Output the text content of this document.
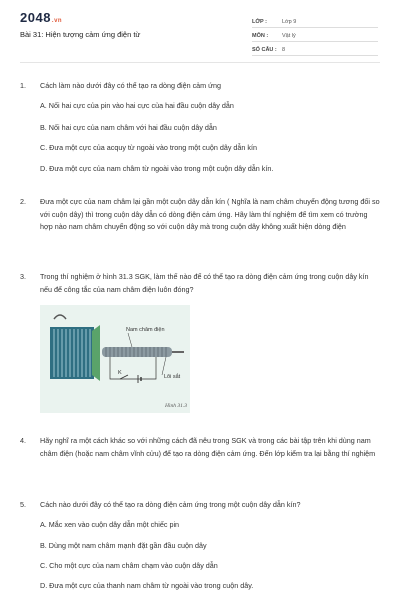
2048.vn
Bài 31: Hiện tượng cảm ứng điện từ
LỚP :	Lớp 9
MÔN :	Vật lý
SỐ CÂU : 8
1.	Cách làm nào dưới đây có thể tạo ra dòng điện cảm ứng
A. Nối hai cực của pin vào hai cực của hai đầu cuộn dây dẫn
B. Nối hai cực của nam châm với hai đầu cuộn dây dẫn
C. Đưa một cực của acquy từ ngoài vào trong một cuộn dây dẫn kín
D. Đưa một cực của nam châm từ ngoài vào trong một cuộn dây dẫn kín.
2.	Đưa một cực của nam châm lại gần một cuộn dây dẫn kín ( Nghĩa là nam châm chuyển động tương đối so với cuộn dây) thì trong cuộn dây dẫn có dòng điện cảm ứng. Hãy làm thí nghiệm để tìm xem có trường hợp nào nam châm chuyển động so với cuộn dây mà trong cuộn dây không xuất hiện dòng điện
3.	Trong thí nghiệm ở hình 31.3 SGK, làm thế nào để có thể tạo ra dòng điện cảm ứng trong cuộn dây kín nếu để công tắc của nam châm điện luôn đóng?
Nam châm điện
K
Lõi sắt
Hình 31.3
4.	Hãy nghĩ ra một cách khác so với những cách đã nêu trong SGK và trong các bài tập trên khi dùng nam châm điện (hoặc nam châm vĩnh cửu) để tạo ra dòng điện cảm ứng. Đến lớp kiểm tra lại bằng thí nghiệm
5.	Cách nào dưới đây có thể tạo ra dòng điện cảm ứng trong một cuộn dây dẫn kín?
A. Mắc xen vào cuộn dây dẫn một chiếc pin
B. Dùng một nam châm mạnh đặt gần đầu cuộn dây
C. Cho một cực của nam châm chạm vào cuộn dây dẫn
D. Đưa một cực của thanh nam châm từ ngoài vào trong cuộn dây.
